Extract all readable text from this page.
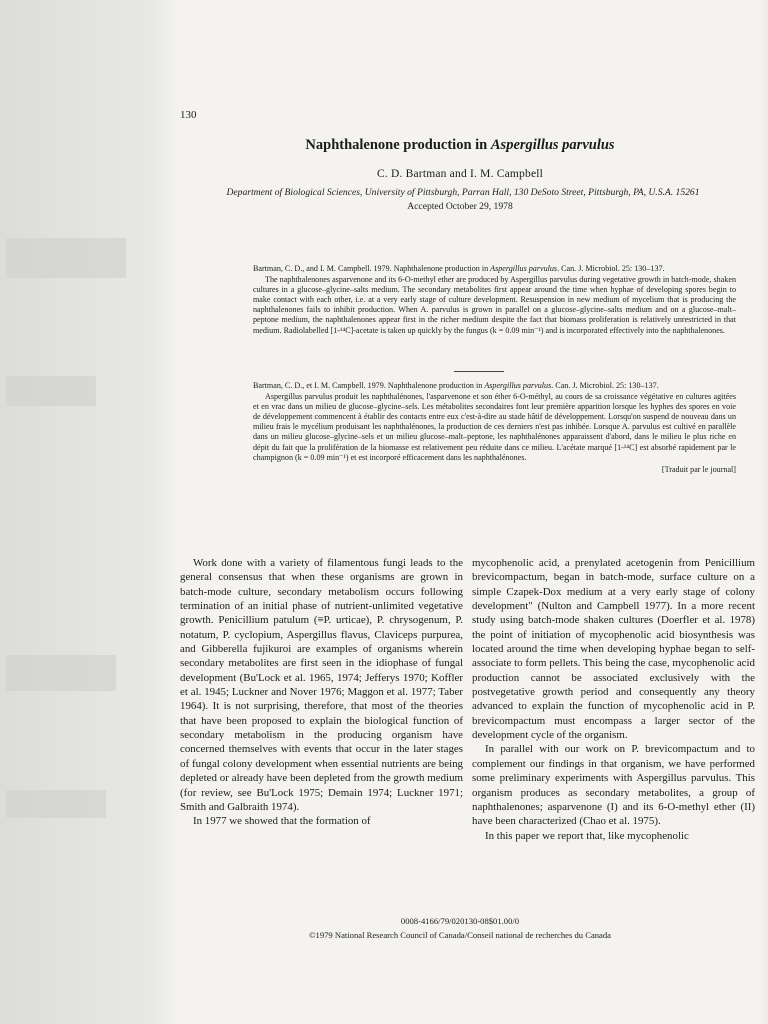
130
Naphthalenone production in Aspergillus parvulus
C. D. Bartman and I. M. Campbell
Department of Biological Sciences, University of Pittsburgh, Parran Hall, 130 DeSoto Street, Pittsburgh, PA, U.S.A. 15261
Accepted October 29, 1978

Bartman, C. D., and I. M. Campbell. 1979. Naphthalenone production in Aspergillus parvulus. Can. J. Microbiol. 25: 130–137.

The naphthalenones asparvenone and its 6-O-methyl ether are produced by Aspergillus parvulus during vegetative growth in batch-mode, shaken cultures in a glucose–glycine–salts medium. The secondary metabolites first appear around the time when hyphae of developing spores begin to make contact with each other, i.e. at a very early stage of culture development. Resuspension in new medium of mycelium that is producing the naphthalenones fails to inhibit production. When A. parvulus is grown in parallel on a glucose–glycine–salts medium and on a glucose–malt–peptone medium, the naphthalenones appear first in the richer medium despite the fact that biomass proliferation is relatively unrestricted in that medium. Radiolabelled [1-¹⁴C]-acetate is taken up quickly by the fungus (k = 0.09 min⁻¹) and is incorporated effectively into the naphthalenones.

Bartman, C. D., et I. M. Campbell. 1979. Naphthalenone production in Aspergillus parvulus. Can. J. Microbiol. 25: 130–137.

Aspergillus parvulus produit les naphthalénones, l'asparvenone et son éther 6-O-méthyl, au cours de sa croissance végétative en cultures agitées et en vrac dans un milieu de glucose–glycine–sels. Les métabolites secondaires font leur première apparition lorsque les hyphes des spores en voie de développement commencent à établir des contacts entre eux c'est-à-dire au stade hâtif de développement. Lorsqu'on suspend de nouveau dans un milieu frais le mycélium produisant les naphthalénones, la production de ces derniers n'est pas inhibée. Lorsque A. parvulus est cultivé en parallèle dans un milieu glucose–glycine–sels et un milieu glucose–malt–peptone, les naphthalénones apparaissent d'abord, dans le milieu le plus riche en dépit du fait que la prolifération de la biomasse est relativement peu réduite dans ce milieu. L'acétate marqué [1-¹⁴C] est absorbé rapidement par le champignon (k = 0.09 min⁻¹) et est incorporé efficacement dans les naphthalénones.

[Traduit par le journal]

Work done with a variety of filamentous fungi leads to the general consensus that when these organisms are grown in batch-mode culture, secondary metabolism occurs following termination of an initial phase of nutrient-unlimited vegetative growth. Penicillium patulum (≡P. urticae), P. chrysogenum, P. notatum, P. cyclopium, Aspergillus flavus, Claviceps purpurea, and Gibberella fujikuroi are examples of organisms wherein secondary metabolites are first seen in the idiophase of fungal development (Bu'Lock et al. 1965, 1974; Jefferys 1970; Koffler et al. 1945; Luckner and Nover 1976; Maggon et al. 1977; Taber 1964). It is not surprising, therefore, that most of the theories that have been proposed to explain the biological function of secondary metabolism in the producing organism have concerned themselves with events that occur in the later stages of fungal colony development when essential nutrients are being depleted or already have been depleted from the growth medium (for review, see Bu'Lock 1975; Demain 1974; Luckner 1971; Smith and Galbraith 1974).

In 1977 we showed that the formation of

mycophenolic acid, a prenylated acetogenin from Penicillium brevicompactum, began in batch-mode, surface culture on a simple Czapek-Dox medium at a very early stage of colony development" (Nulton and Campbell 1977). In a more recent study using batch-mode shaken cultures (Doerfler et al. 1978) the point of initiation of mycophenolic acid biosynthesis was located around the time when developing hyphae began to self-associate to form pellets. This being the case, mycophenolic acid production cannot be associated exclusively with the postvegetative growth period and consequently any theory advanced to explain the function of mycophenolic acid in P. brevicompactum must encompass a larger sector of the development cycle of the organism.

In parallel with our work on P. brevicompactum and to complement our findings in that organism, we have performed some preliminary experiments with Aspergillus parvulus. This organism produces as secondary metabolites, a group of naphthalenones; asparvenone (I) and its 6-O-methyl ether (II) have been characterized (Chao et al. 1975).

In this paper we report that, like mycophenolic

0008-4166/79/020130-08$01.00/0
©1979 National Research Council of Canada/Conseil national de recherches du Canada
